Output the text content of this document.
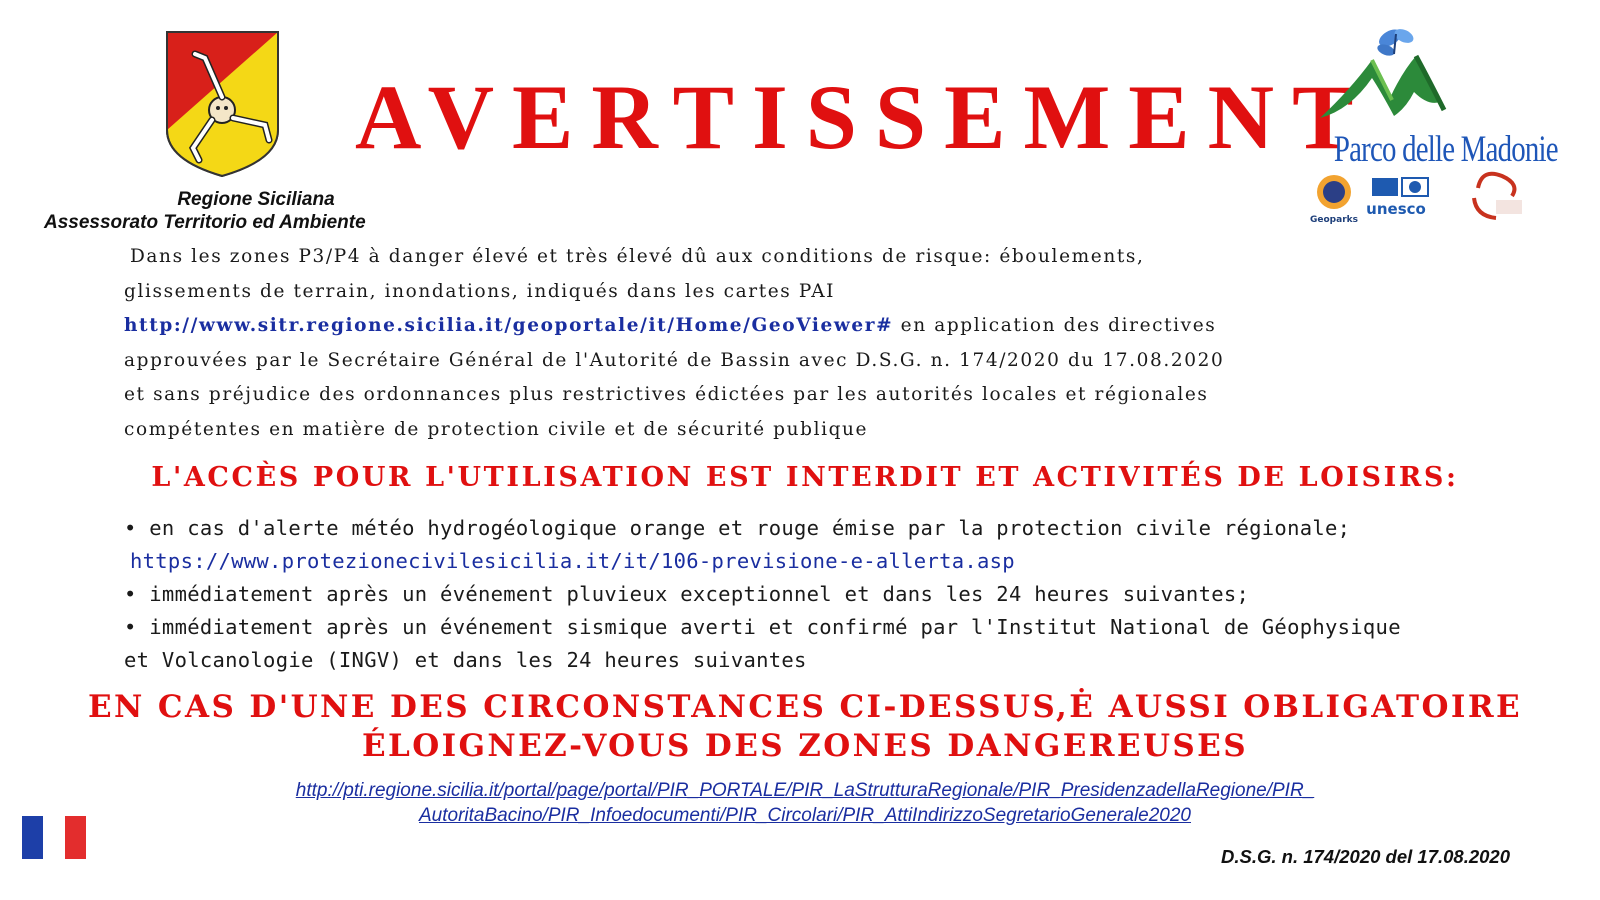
Regione Siciliana
Assessorato Territorio ed Ambiente
AVERTISSEMENT
Geoparks
unesco
Parco delle Madonie
Dans les zones P3/P4 à danger élevé et très élevé dû aux conditions de risque: éboulements,
glissements de terrain, inondations, indiqués dans les cartes PAI
http://www.sitr.regione.sicilia.it/geoportale/it/Home/GeoViewer# en application des directives
approuvées par le Secrétaire Général de l'Autorité de Bassin avec D.S.G. n. 174/2020 du 17.08.2020
et sans préjudice des ordonnances plus restrictives édictées par les autorités locales et régionales
compétentes en matière de protection civile et de sécurité publique
L'ACCÈS POUR L'UTILISATION EST INTERDIT ET ACTIVITÉS DE LOISIRS:
• en cas d'alerte météo hydrogéologique orange et rouge émise par la protection civile régionale;
https://www.protezionecivilesicilia.it/it/106-previsione-e-allerta.asp
• immédiatement après un événement pluvieux exceptionnel et dans les 24 heures suivantes;
• immédiatement après un événement sismique averti et confirmé par l'Institut National de Géophysique
et Volcanologie (INGV) et dans les 24 heures suivantes
EN CAS D'UNE DES CIRCONSTANCES CI-DESSUS,Ė AUSSI OBLIGATOIRE
ÉLOIGNEZ-VOUS DES ZONES DANGEREUSES
http://pti.regione.sicilia.it/portal/page/portal/PIR_PORTALE/PIR_LaStrutturaRegionale/PIR_PresidenzadellaRegione/PIR_
AutoritaBacino/PIR_Infoedocumenti/PIR_Circolari/PIR_AttiIndirizzoSegretarioGenerale2020
D.S.G. n. 174/2020 del 17.08.2020
